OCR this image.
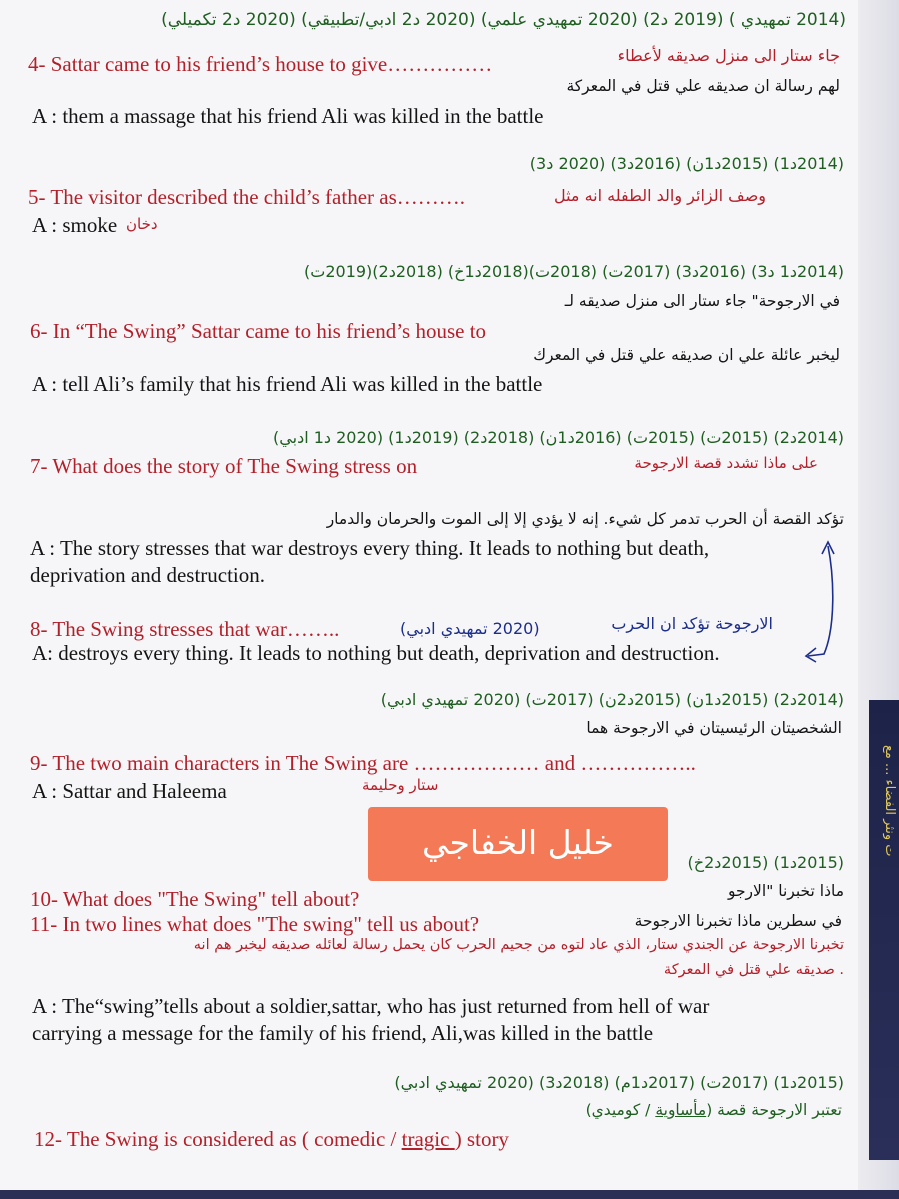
(2014 تمهيدي ) (2019 د2) (2020 تمهيدي علمي) (2020 د2 ادبي/تطبيقي) (2020 د2 تكميلي)

جاء ستار الى منزل صديقه لأعطاء

4- Sattar came to his friend’s house to give……………

لهم رسالة ان صديقه علي قتل في المعركة

A : them a massage that his friend Ali was killed in the battle

(2014د1) (2015د1ن) (2016د3) (2020 د3)

5- The visitor described the child’s father as……….	وصف الزائر والد الطفله انه مثل

A : smoke دخان

(2014د1 د3) (2016د3) (2017ت) (2018ت)(2018د1خ) (2018د2)(2019ت)

في الارجوحة" جاء ستار الى منزل صديقه لـ

6- In “The Swing” Sattar came to his friend’s house to

ليخبر عائلة علي ان صديقه علي قتل في المعرك

A : tell Ali’s family that his friend Ali was killed in the battle

(2014د2) (2015ت) (2015ت) (2016د1ن) (2018د2) (2019د1) (2020 د1 ادبي)

7- What does the story of The Swing stress on	على ماذا تشدد قصة الارجوحة

تؤكد القصة أن الحرب تدمر كل شيء. إنه لا يؤدي إلا إلى الموت والحرمان والدمار

A : The story stresses that war destroys every thing. It leads to nothing but death,

deprivation and destruction.

8- The Swing stresses that war……..	(2020 تمهيدي ادبي)	الارجوحة تؤكد ان الحرب

A: destroys every thing. It leads to nothing but death, deprivation and destruction.

(2014د2) (2015د1ن) (2015د2ن) (2017ت) (2020 تمهيدي ادبي)

الشخصيتان الرئيسيتان في الارجوحة هما

9- The two main characters in The Swing are ……………… and ……………..

A : Sattar and Haleema	ستار وحليمة

(2015د1) (2015د2خ)

ماذا تخبرنا "الارجو

10- What does "The Swing" tell about?

11- In two lines what does "The swing" tell us about?	في سطرين ماذا تخبرنا الارجوحة

تخبرنا الارجوحة عن الجندي ستار، الذي عاد لتوه من جحيم الحرب كان يحمل رسالة لعائله صديقه ليخبر هم انه

. صديقه علي قتل في المعركة

A : The“swing”tells about a soldier,sattar, who has just returned from hell of war

carrying a message for the family of his friend, Ali,was killed in the battle

(2015د1) (2017ت) (2017د1م) (2018د3) (2020 تمهيدي ادبي)

تعتبر الارجوحة قصة (مأساوية / كوميدي)

12- The Swing is considered as ( comedic / tragic ) story

خليل الخفاجي	ت ونثر الفضاء ... مع
